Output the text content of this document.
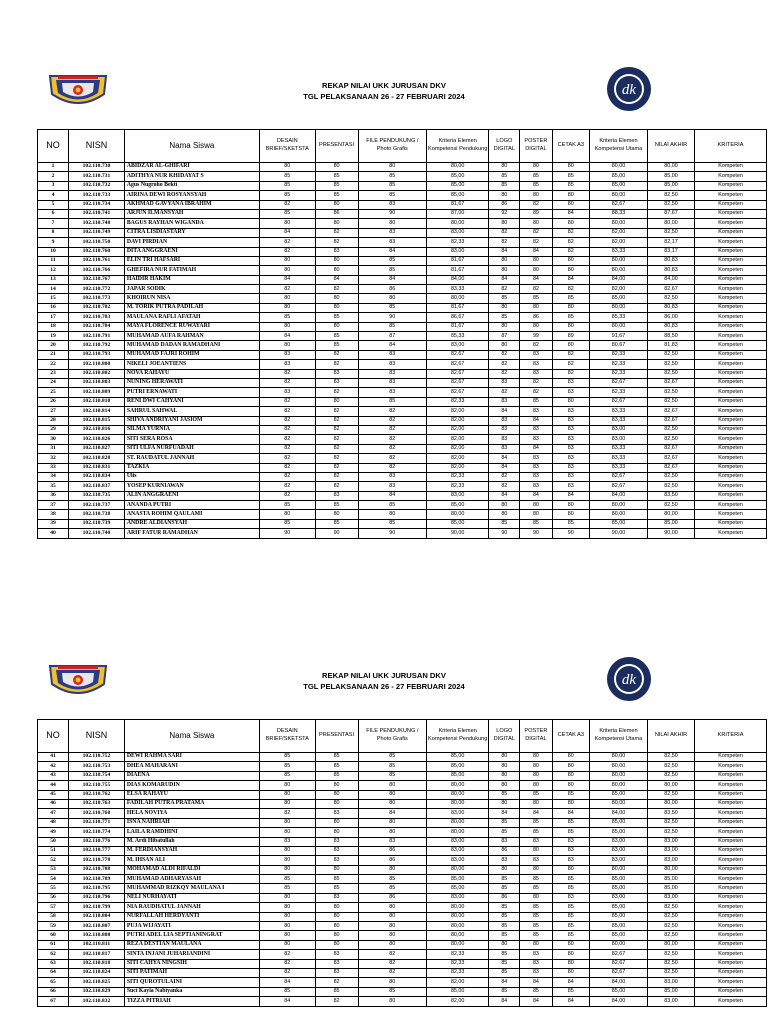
REKAP NILAI UKK JURUSAN DKV
TGL PELAKSANAAN 26 - 27 FEBRUARI 2024	dk
NO	NISN	Nama Siswa	DESAIN BRIEF/SKETSTA	PRESENTASI	FILE PENDUKUNG / Photo Grafis	Kriteria Elemen Kompetensi Pendukung	LOGO DIGITAL	POSTER DIGITAL	CETAK A3	Kriteria Elemen Kompetensi Utama	NILAI AKHIR	KRITERIA
1	102.110.730	ABIDZAR AL-GHIFARI	80	80	80	80,00	80	80	80	80,00	80,00	Kompeten
2	102.110.731	ADITHYA NUR KHIDAYAT S	85	85	85	85,00	85	85	85	85,00	85,00	Kompeten
3	102.110.732	Agus Nugroho Bekti	85	85	85	85,00	85	85	85	85,00	85,00	Kompeten
4	102.110.733	AIRINA DEWI ROSYANSYAH	85	85	85	85,00	80	80	80	80,00	82,50	Kompeten
5	102.110.734	AKHMAD GAVYANA IBRAHIM	82	80	83	81,67	86	82	80	82,67	82,50	Kompeten
6	102.110.741	ARJUN ILMANSYAH	85	86	90	87,00	92	89	84	88,33	87,67	Kompeten
7	102.110.748	BAGUS RAYHAN WIGANDA	80	80	80	80,00	80	80	80	80,00	80,00	Kompeten
8	102.110.749	CITRA LISDIASTARY	84	82	83	83,00	82	82	82	82,00	82,50	Kompeten
9	102.110.750	DAVI PIRDIAN	82	82	83	82,33	82	82	82	82,00	82,17	Kompeten
10	102.110.760	DITA ANGGRAENI	82	83	84	83,00	84	84	82	83,33	83,17	Kompeten
11	102.110.761	ELIN TRI HAFSARI	80	80	85	81,67	80	80	80	80,00	80,83	Kompeten
12	102.110.766	GHEFIRA NUR FATIMAH	80	80	85	81,67	80	80	80	80,00	80,83	Kompeten
13	102.110.767	HAIDIR HAKIM	84	84	84	84,00	84	84	84	84,00	84,00	Kompeten
14	102.110.772	JAPAR SODIK	82	82	86	83,33	82	82	82	82,00	82,67	Kompeten
15	102.110.773	KHOIRUN NISA	80	80	80	80,00	85	85	85	85,00	82,50	Kompeten
16	102.110.782	M. TORIK PUTRA PADILAH	80	80	85	81,67	80	80	80	80,00	80,83	Kompeten
17	102.110.783	MAULANA RAFLI AFATAH	85	85	90	86,67	85	86	85	85,33	86,00	Kompeten
18	102.110.784	MAYA FLORENCE RUWAYARI	80	80	85	81,67	80	80	80	80,00	80,83	Kompeten
19	102.110.791	MUHAMAD AUFA RAHMAN	84	85	87	85,33	87	99	89	91,67	88,50	Kompeten
20	102.110.792	MUHAMAD DADAN RAMADHANI	80	85	84	83,00	80	82	80	80,67	81,83	Kompeten
21	102.110.793	MUHAMAD FAJRI ROHIM	83	82	83	82,67	82	83	82	82,33	82,50	Kompeten
22	102.110.800	NIKELI JOEANTIENS	83	82	83	82,67	82	83	82	82,33	82,50	Kompeten
23	102.110.802	NOVA RAHAYU	82	83	83	82,67	82	83	82	82,33	82,50	Kompeten
24	102.110.803	NUNING HERAWATI	82	83	83	82,67	83	82	83	82,67	82,67	Kompeten
25	102.110.809	PUTRI ERNAWATI	83	82	83	82,67	82	82	83	82,33	82,50	Kompeten
26	102.110.810	RENI DWI CAHYANI	82	80	85	82,33	83	85	80	82,67	82,50	Kompeten
27	102.110.814	SAHRUL SAHWAL	82	82	82	82,00	84	83	83	83,33	82,67	Kompeten
28	102.110.815	SHIVA ANDRIYANI JASIOM	82	82	82	82,00	83	84	83	83,33	82,67	Kompeten
29	102.110.816	SILMA YURNIA	82	82	82	82,00	83	83	83	83,00	82,50	Kompeten
30	102.110.826	SITI SERA ROSA	82	82	82	82,00	83	83	83	83,00	82,50	Kompeten
31	102.110.827	SITI ULFA NURFUADAH	82	82	82	82,00	83	84	83	83,33	82,67	Kompeten
32	102.110.828	ST. RAUDATUL JANNAH	82	82	82	82,00	84	83	83	83,33	82,67	Kompeten
33	102.110.831	TAZKIA	82	82	82	82,00	84	83	83	83,33	82,67	Kompeten
34	102.110.834	Ulis	82	82	83	82,33	82	83	83	82,67	82,50	Kompeten
35	102.110.837	YOSEP KURNIAWAN	82	82	83	82,33	82	83	83	82,67	82,50	Kompeten
36	102.110.735	ALIN ANGGRAENI	82	83	84	83,00	84	84	84	84,00	83,50	Kompeten
37	102.110.737	ANANDA PUTRI	85	85	85	85,00	80	80	80	80,00	82,50	Kompeten
38	102.110.738	ANASTA ROHIM QAULAMI	80	80	80	80,00	80	80	80	80,00	80,00	Kompeten
39	102.110.739	ANDRE ALDIANSYAH	85	85	85	85,00	85	85	85	85,00	85,00	Kompeten
40	102.110.740	ARIF FATUR RAMADHAN	90	90	90	90,00	90	90	90	90,00	90,00	Kompeten
REKAP NILAI UKK JURUSAN DKV
TGL PELAKSANAAN 26 - 27 FEBRUARI 2024	dk
NO	NISN	Nama Siswa	DESAIN BRIEF/SKETSTA	PRESENTASI	FILE PENDUKUNG / Photo Grafis	Kriteria Elemen Kompetensi Pendukung	LOGO DIGITAL	POSTER DIGITAL	CETAK A3	Kriteria Elemen Kompetensi Utama	NILAI AKHIR	KRITERIA
41	102.110.752	DEWI RAHMA SARI	85	85	85	85,00	80	80	80	80,00	82,50	Kompeten
42	102.110.753	DHEA MAHARANI	85	85	85	85,00	80	80	80	80,00	82,50	Kompeten
43	102.110.754	DIAENA	85	85	85	85,00	80	80	80	80,00	82,50	Kompeten
44	102.110.755	DIAS KOMARUDIN	80	80	80	80,00	80	80	80	80,00	80,00	Kompeten
45	102.110.762	ELSA RAHAYU	80	80	80	80,00	85	85	85	85,00	82,50	Kompeten
46	102.110.763	FADILAH PUTRA PRATAMA	80	80	80	80,00	80	80	80	80,00	80,00	Kompeten
47	102.110.768	HELA NOVIYA	82	83	84	83,00	84	84	84	84,00	83,50	Kompeten
48	102.110.771	ISNA NAHRIAH	80	80	80	80,00	85	85	85	85,00	82,50	Kompeten
49	102.110.774	LAILA RAMDHINI	80	80	80	80,00	85	85	85	85,00	82,50	Kompeten
50	102.110.776	M. Ardi Hibatullah	83	83	83	83,00	83	83	83	83,00	83,00	Kompeten
51	102.110.777	M. FERDIANSYAH	80	83	86	83,00	86	80	83	83,00	83,00	Kompeten
52	102.110.778	M. IHSAN ALI	80	83	86	83,00	83	83	83	83,00	83,00	Kompeten
53	102.110.788	MOHAMAD ALDI RIFALDI	80	80	80	80,00	80	80	80	80,00	80,00	Kompeten
54	102.110.789	MUHAMAD ADHARYASAH	85	85	85	85,00	85	85	85	85,00	85,00	Kompeten
55	102.110.795	MUHAMMAD RIZKQY MAULANA I	85	85	85	85,00	85	85	85	85,00	85,00	Kompeten
56	102.110.796	NELI NURHAYATI	80	83	86	83,00	86	80	83	83,00	83,00	Kompeten
57	102.110.799	NIA RAUDHATUL JANNAH	80	80	80	80,00	85	85	85	85,00	82,50	Kompeten
58	102.110.804	NURFALLAH HERDYANTI	80	80	80	80,00	85	85	85	85,00	82,50	Kompeten
59	102.110.807	PUJA WIJAYATI	80	80	80	80,00	85	85	85	85,00	82,50	Kompeten
60	102.110.808	PUTRI ADEL LIA SEPTIANINGRAT	80	80	80	80,00	85	85	85	85,00	82,50	Kompeten
61	102.110.811	REZA DESTIAN MAULANA	80	80	80	80,00	80	80	80	80,00	80,00	Kompeten
62	102.110.817	SINTA INJANI JUHARIANDINI	82	83	82	82,33	85	83	80	82,67	82,50	Kompeten
63	102.110.818	SITI CAHYA NINGSIH	82	83	82	82,33	85	83	80	82,67	82,50	Kompeten
64	102.110.824	SITI PATIMAH	82	83	82	82,33	85	83	80	82,67	82,50	Kompeten
65	102.110.825	SITI QUROTULAINI	84	82	80	82,00	84	84	84	84,00	83,00	Kompeten
66	102.110.829	Suci Kayla Nabiyanka	85	85	85	85,00	85	85	85	85,00	85,00	Kompeten
67	102.110.832	TIZZA PITRIAH	84	82	80	82,00	84	84	84	84,00	83,00	Kompeten
